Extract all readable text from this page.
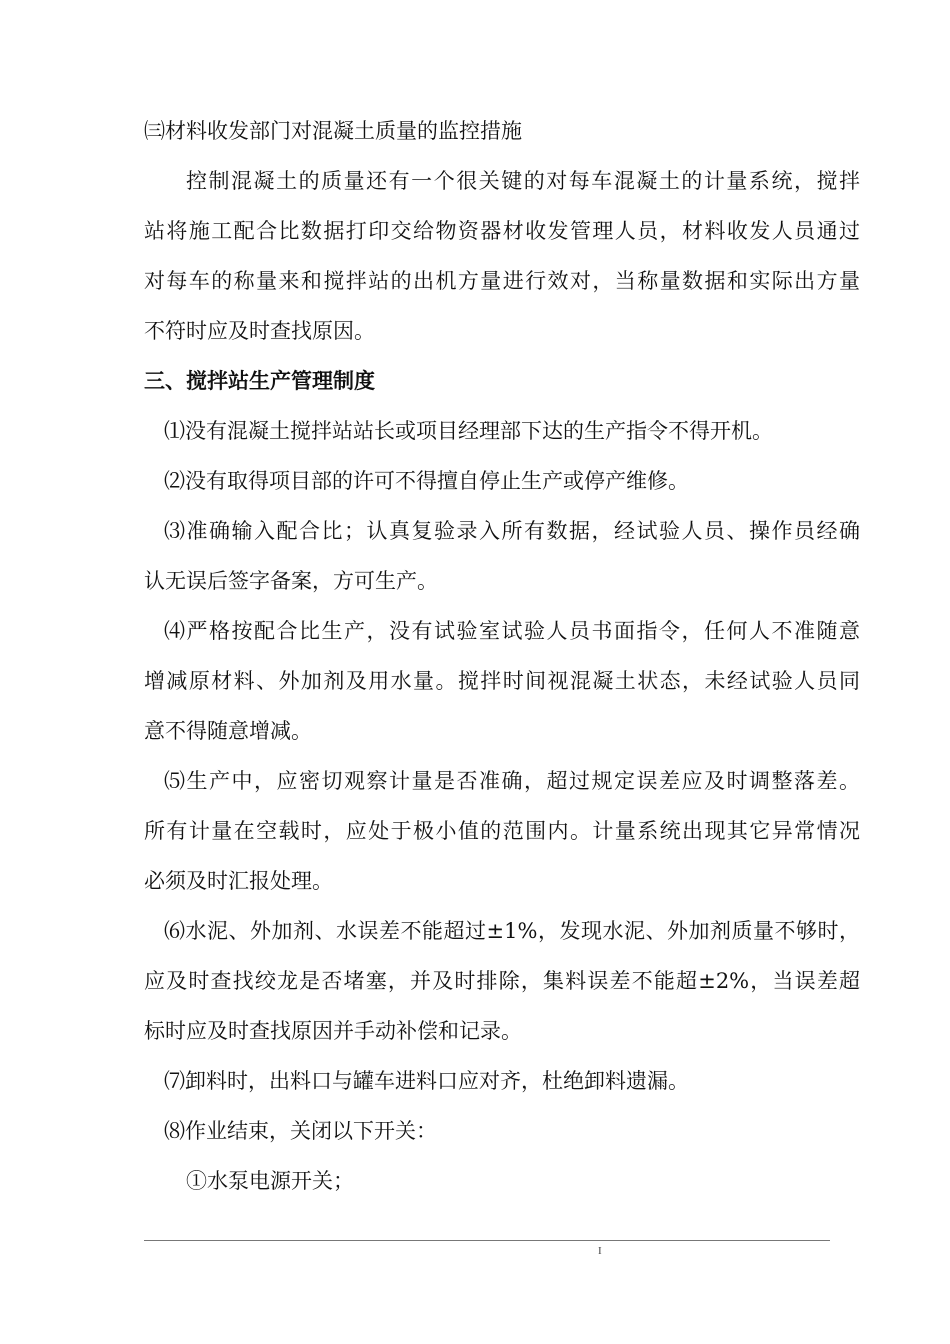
㈢材料收发部门对混凝土质量的监控措施

控制混凝土的质量还有一个很关键的对每车混凝土的计量系统，搅拌

站将施工配合比数据打印交给物资器材收发管理人员，材料收发人员通过

对每车的称量来和搅拌站的出机方量进行效对，当称量数据和实际出方量

不符时应及时查找原因。

三、搅拌站生产管理制度

⑴没有混凝土搅拌站站长或项目经理部下达的生产指令不得开机。

⑵没有取得项目部的许可不得擅自停止生产或停产维修。

⑶准确输入配合比；认真复验录入所有数据，经试验人员、操作员经确

认无误后签字备案，方可生产。

⑷严格按配合比生产，没有试验室试验人员书面指令，任何人不准随意

增减原材料、外加剂及用水量。搅拌时间视混凝土状态，未经试验人员同

意不得随意增减。

⑸生产中，应密切观察计量是否准确，超过规定误差应及时调整落差。

所有计量在空载时，应处于极小值的范围内。计量系统出现其它异常情况

必须及时汇报处理。

⑹水泥、外加剂、水误差不能超过±1%，发现水泥、外加剂质量不够时，

应及时查找绞龙是否堵塞，并及时排除，集料误差不能超±2%，当误差超

标时应及时查找原因并手动补偿和记录。

⑺卸料时，出料口与罐车进料口应对齐，杜绝卸料遗漏。

⑻作业结束，关闭以下开关：

①水泵电源开关；

I
